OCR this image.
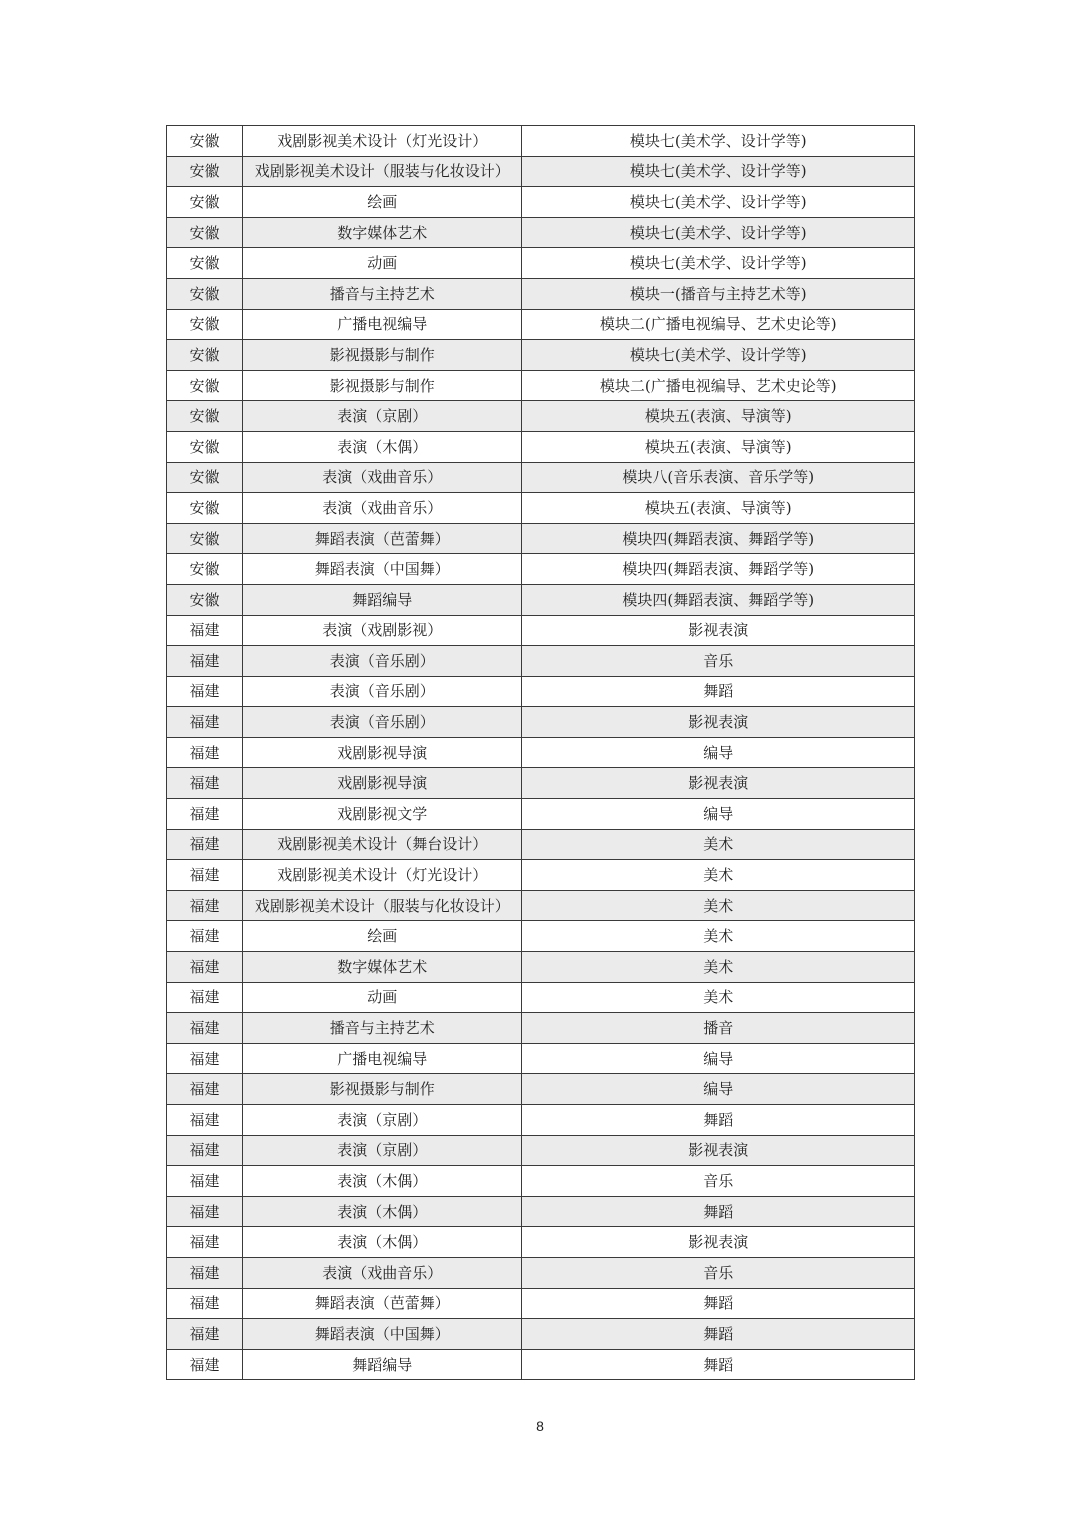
安徽	戏剧影视美术设计（灯光设计）	模块七(美术学、设计学等)
安徽	戏剧影视美术设计（服装与化妆设计）	模块七(美术学、设计学等)
安徽	绘画	模块七(美术学、设计学等)
安徽	数字媒体艺术	模块七(美术学、设计学等)
安徽	动画	模块七(美术学、设计学等)
安徽	播音与主持艺术	模块一(播音与主持艺术等)
安徽	广播电视编导	模块二(广播电视编导、艺术史论等)
安徽	影视摄影与制作	模块七(美术学、设计学等)
安徽	影视摄影与制作	模块二(广播电视编导、艺术史论等)
安徽	表演（京剧）	模块五(表演、导演等)
安徽	表演（木偶）	模块五(表演、导演等)
安徽	表演（戏曲音乐）	模块八(音乐表演、音乐学等)
安徽	表演（戏曲音乐）	模块五(表演、导演等)
安徽	舞蹈表演（芭蕾舞）	模块四(舞蹈表演、舞蹈学等)
安徽	舞蹈表演（中国舞）	模块四(舞蹈表演、舞蹈学等)
安徽	舞蹈编导	模块四(舞蹈表演、舞蹈学等)
福建	表演（戏剧影视）	影视表演
福建	表演（音乐剧）	音乐
福建	表演（音乐剧）	舞蹈
福建	表演（音乐剧）	影视表演
福建	戏剧影视导演	编导
福建	戏剧影视导演	影视表演
福建	戏剧影视文学	编导
福建	戏剧影视美术设计（舞台设计）	美术
福建	戏剧影视美术设计（灯光设计）	美术
福建	戏剧影视美术设计（服装与化妆设计）	美术
福建	绘画	美术
福建	数字媒体艺术	美术
福建	动画	美术
福建	播音与主持艺术	播音
福建	广播电视编导	编导
福建	影视摄影与制作	编导
福建	表演（京剧）	舞蹈
福建	表演（京剧）	影视表演
福建	表演（木偶）	音乐
福建	表演（木偶）	舞蹈
福建	表演（木偶）	影视表演
福建	表演（戏曲音乐）	音乐
福建	舞蹈表演（芭蕾舞）	舞蹈
福建	舞蹈表演（中国舞）	舞蹈
福建	舞蹈编导	舞蹈
8
